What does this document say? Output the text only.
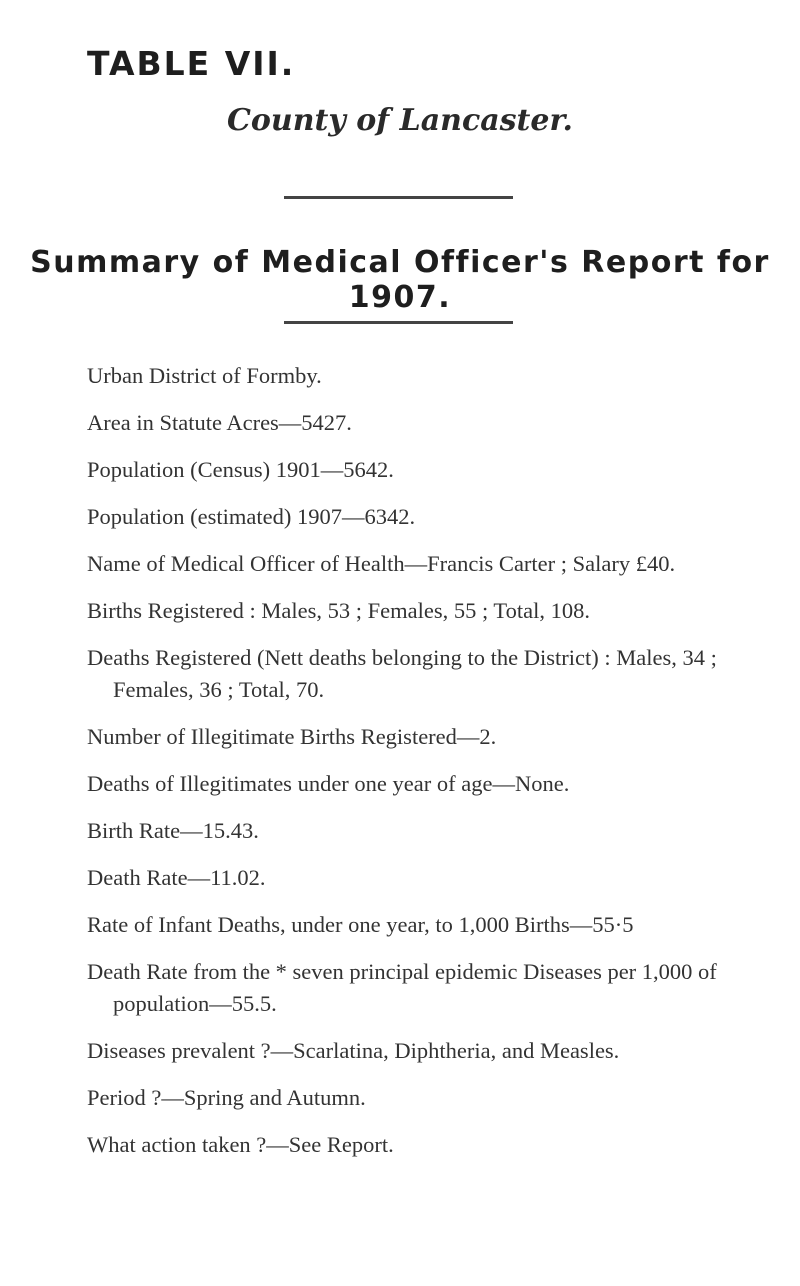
TABLE VII.
County of Lancaster.
Summary of Medical Officer's Report for 1907.

Urban District of Formby.

Area in Statute Acres—5427.

Population (Census) 1901—5642.

Population (estimated) 1907—6342.

Name of Medical Officer of Health—Francis Carter ; Salary £40.

Births Registered : Males, 53 ; Females, 55 ; Total, 108.

Deaths Registered (Nett deaths belonging to the District) : Males, 34 ; Females, 36 ; Total, 70.

Number of Illegitimate Births Registered—2.

Deaths of Illegitimates under one year of age—None.

Birth Rate—15.43.

Death Rate—11.02.

Rate of Infant Deaths, under one year, to 1,000 Births—55·5

Death Rate from the * seven principal epidemic Diseases per 1,000 of population—55.5.

Diseases prevalent ?—Scarlatina, Diphtheria, and Measles.

Period ?—Spring and Autumn.

What action taken ?—See Report.
